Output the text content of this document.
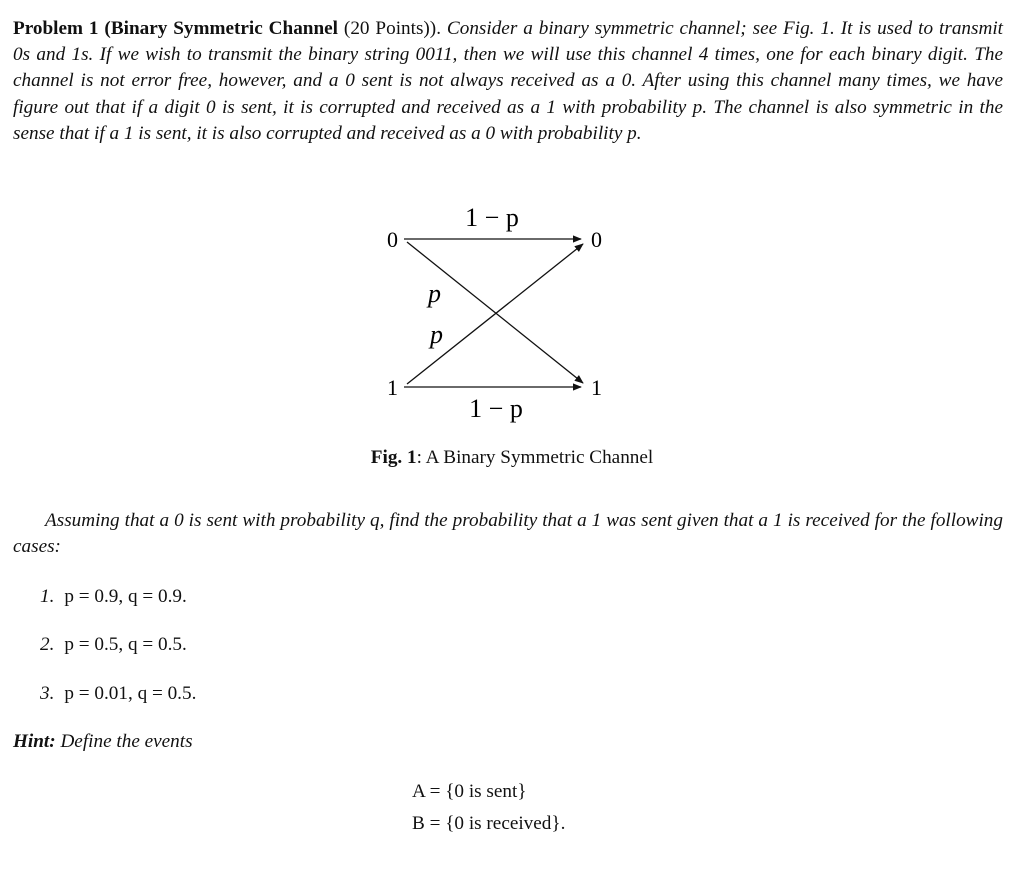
Problem 1 (Binary Symmetric Channel (20 Points)). Consider a binary symmetric channel; see Fig. 1. It is used to transmit 0s and 1s. If we wish to transmit the binary string 0011, then we will use this channel 4 times, one for each binary digit. The channel is not error free, however, and a 0 sent is not always received as a 0. After using this channel many times, we have figure out that if a digit 0 is sent, it is corrupted and received as a 1 with probability p. The channel is also symmetric in the sense that if a 1 is sent, it is also corrupted and received as a 0 with probability p.
0	0
1	1
1 − p
1 − p
p
p
Fig. 1: A Binary Symmetric Channel
Assuming that a 0 is sent with probability q, find the probability that a 1 was sent given that a 1 is received for the following cases:
1. p = 0.9, q = 0.9.
2. p = 0.5, q = 0.5.
3. p = 0.01, q = 0.5.
Hint: Define the events
A = {0 is sent}
B = {0 is received}.
